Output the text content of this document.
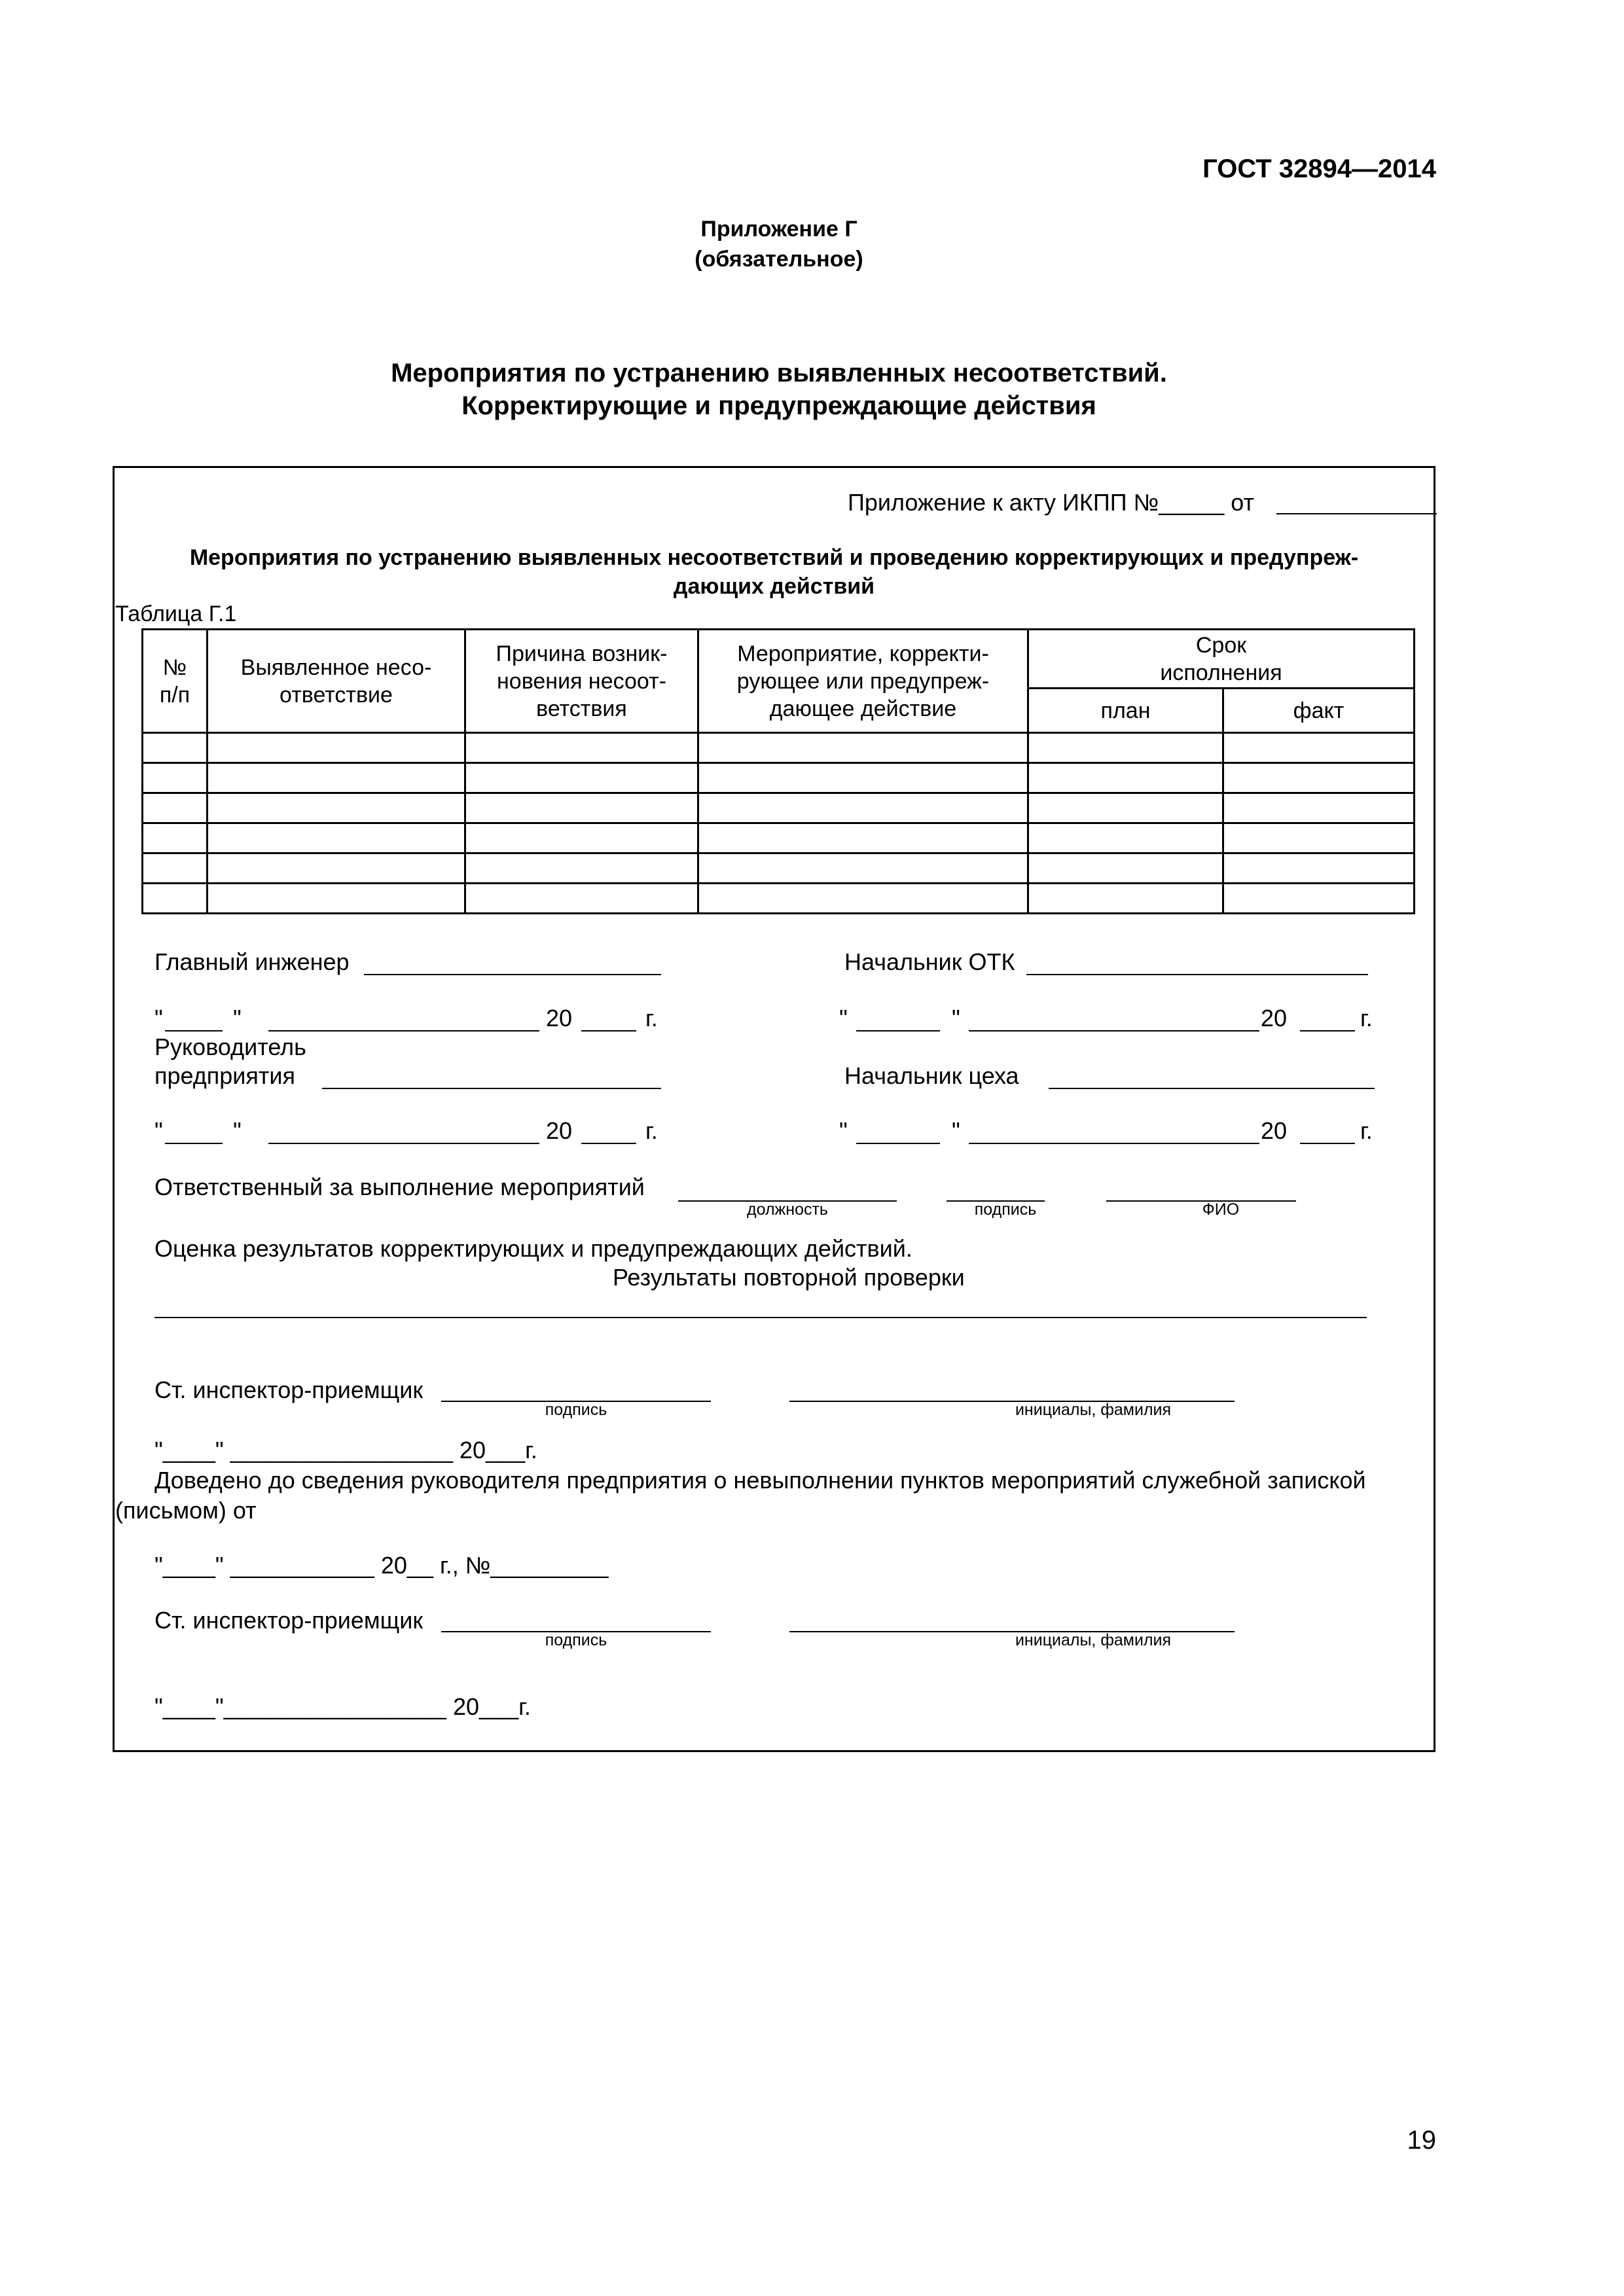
ГОСТ 32894—2014
Приложение Г
(обязательное)
Мероприятия по устранению выявленных несоответствий.
Корректирующие и предупреждающие действия
Приложение к акту ИКПП №_____ от
Мероприятия по устранению выявленных несоответствий и проведению корректирующих и предупреж-
дающих действий
Таблица Г.1
№ п/п	Выявленное несо-ответствие	Причина возник-новения несоот-ветствия	Мероприятие, корректи-рующее или предупреж-дающее действие	Срок исполнения	
				план	факт

Главный инженер	Начальник ОТК
"	"	20	г.	"	"	20	г.
Руководитель
предприятия	Начальник цеха
"	"	20	г.	"	"	20	г.
Ответственный за выполнение мероприятий
должность	подпись	ФИО
Оценка результатов корректирующих и предупреждающих действий.
Результаты повторной проверки
Ст. инспектор-приемщик
подпись	инициалы, фамилия
"____" _________________ 20___г.
Доведено до сведения руководителя предприятия о невыполнении пунктов мероприятий служебной запиской
(письмом) от
"____" ___________ 20__ г., №_________
Ст. инспектор-приемщик
подпись	инициалы, фамилия
"____"_________________ 20___г.
19
